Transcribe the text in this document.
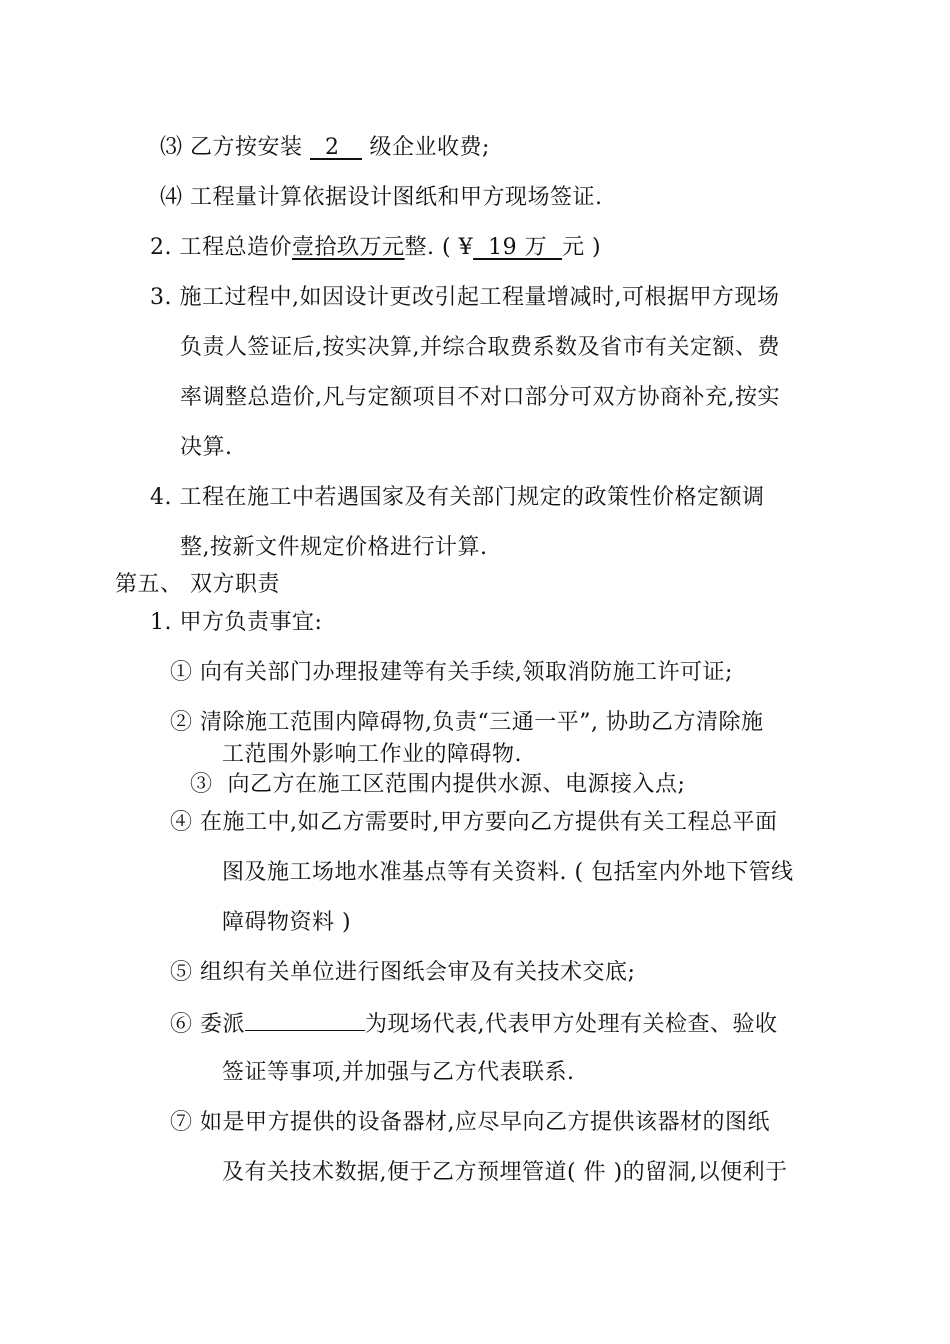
⑶ 乙方按安装   2    级企业收费;
⑷ 工程量计算依据设计图纸和甲方现场签证.
2. 工程总造价壹拾玖万元整. ( ¥  19 万  元 )
3. 施工过程中,如因设计更改引起工程量增减时,可根据甲方现场
负责人签证后,按实决算,并综合取费系数及省市有关定额、费
率调整总造价,凡与定额项目不对口部分可双方协商补充,按实
决算.
4. 工程在施工中若遇国家及有关部门规定的政策性价格定额调
整,按新文件规定价格进行计算.
第五、 双方职责
1. 甲方负责事宜:
① 向有关部门办理报建等有关手续,领取消防施工许可证;
② 清除施工范围内障碍物,负责“三通一平”, 协助乙方清除施
工范围外影响工作业的障碍物.
③  向乙方在施工区范围内提供水源、电源接入点;
④ 在施工中,如乙方需要时,甲方要向乙方提供有关工程总平面
图及施工场地水准基点等有关资料. ( 包括室内外地下管线
障碍物资料 )
⑤ 组织有关单位进行图纸会审及有关技术交底;
⑥ 委派	为现场代表,代表甲方处理有关检查、验收
签证等事项,并加强与乙方代表联系.
⑦ 如是甲方提供的设备器材,应尽早向乙方提供该器材的图纸
及有关技术数据,便于乙方预埋管道( 件 )的留洞,以便利于
